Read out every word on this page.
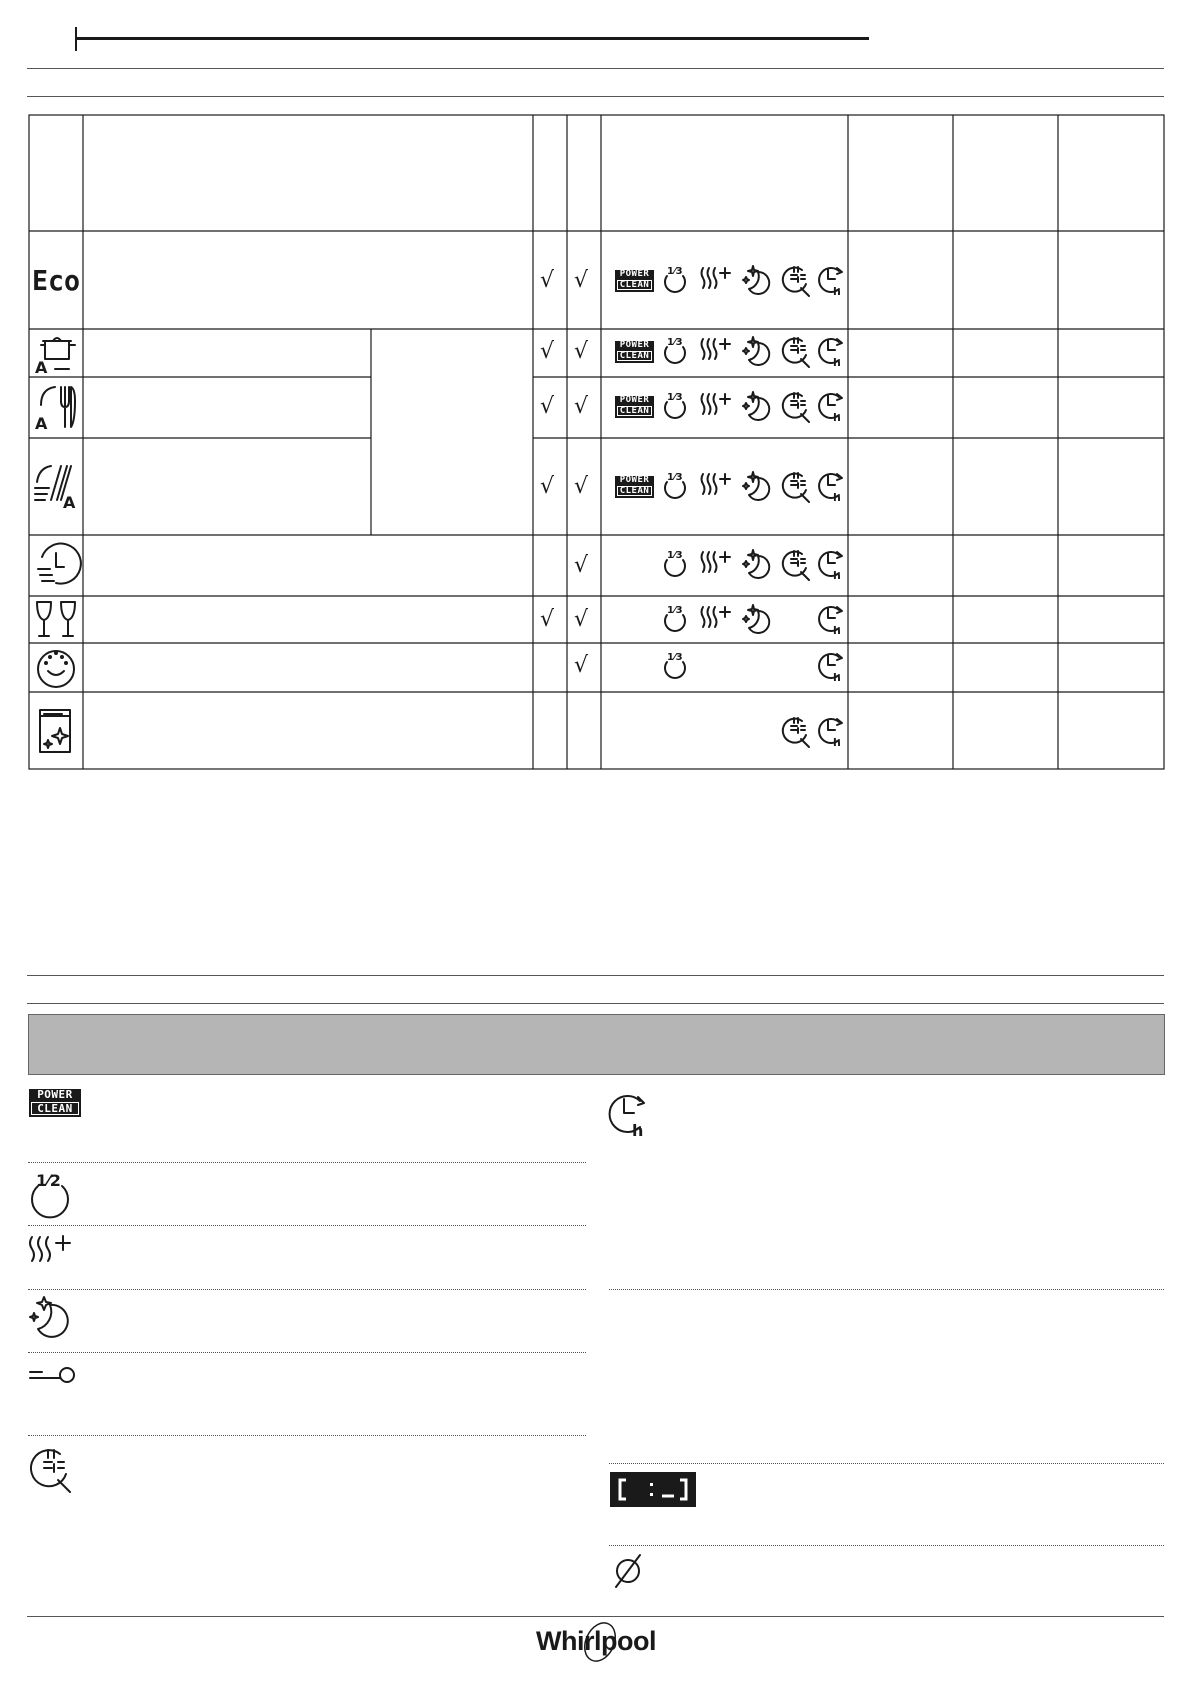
Eco	√ √
A
√ √
A
√ √
A
√ √
√
√ √
√
POWER
CLEAN
1⁄3
h
POWER
CLEAN
1⁄3
h
POWER
CLEAN
1⁄3
h
POWER
CLEAN
1⁄3
h
1⁄3
h
1⁄3
h
1⁄3
h
h
POWER
CLEAN
1⁄2
h
Whirlpool
